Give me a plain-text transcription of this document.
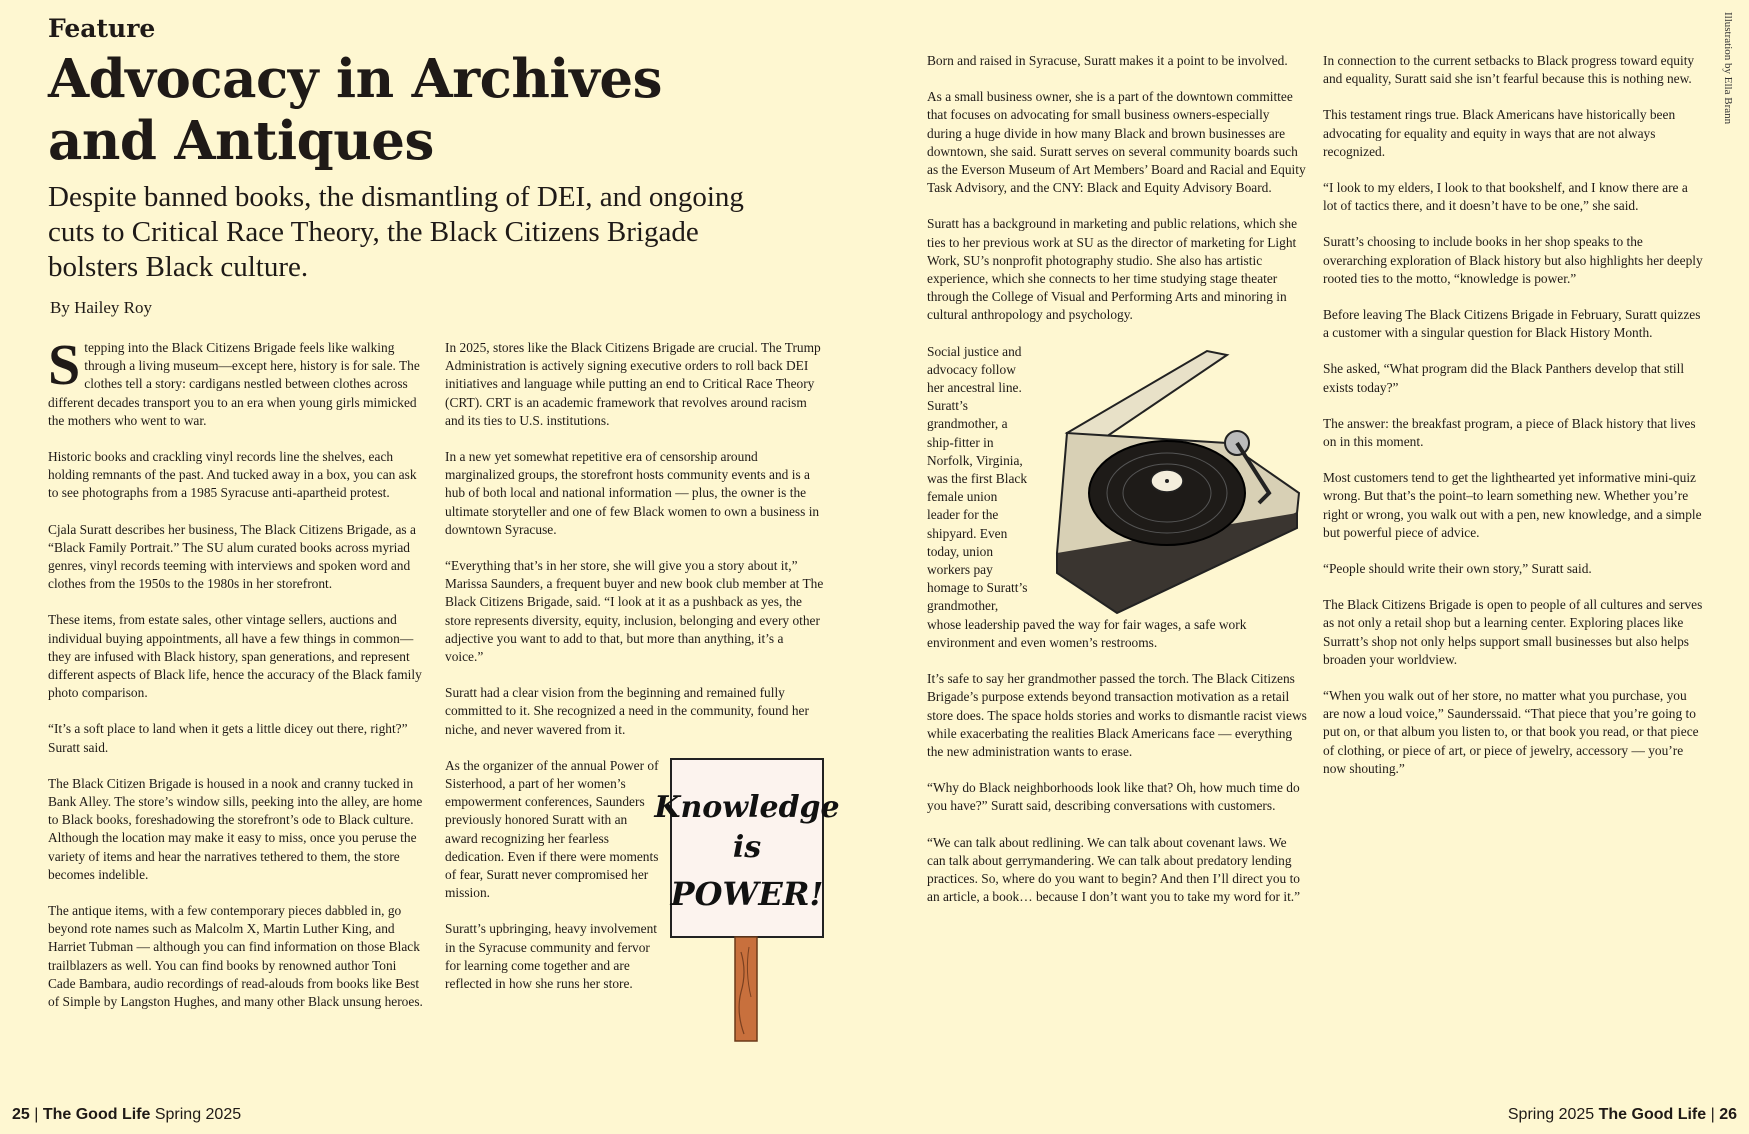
Feature
Advocacy in Archives and Antiques

Despite banned books, the dismantling of DEI, and ongoing cuts to Critical Race Theory, the Black Citizens Brigade bolsters Black culture.

By Hailey Roy

Stepping into the Black Citizens Brigade feels like walking through a living museum—except here, history is for sale. The clothes tell a story: cardigans nestled between clothes across different decades transport you to an era when young girls mimicked the mothers who went to war.

Historic books and crackling vinyl records line the shelves, each holding remnants of the past. And tucked away in a box, you can ask to see photographs from a 1985 Syracuse anti-apartheid protest.

Cjala Suratt describes her business, The Black Citizens Brigade, as a “Black Family Portrait.” The SU alum curated books across myriad genres, vinyl records teeming with interviews and spoken word and clothes from the 1950s to the 1980s in her storefront.

These items, from estate sales, other vintage sellers, auctions and individual buying appointments, all have a few things in common—they are infused with Black history, span generations, and represent different aspects of Black life, hence the accuracy of the Black family photo comparison.

“It’s a soft place to land when it gets a little dicey out there, right?” Suratt said.

The Black Citizen Brigade is housed in a nook and cranny tucked in Bank Alley. The store’s window sills, peeking into the alley, are home to Black books, foreshadowing the storefront’s ode to Black culture. Although the location may make it easy to miss, once you peruse the variety of items and hear the narratives tethered to them, the store becomes indelible.

The antique items, with a few contemporary pieces dabbled in, go beyond rote names such as Malcolm X, Martin Luther King, and Harriet Tubman — although you can find information on those Black trailblazers as well. You can find books by renowned author Toni Cade Bambara, audio recordings of read-alouds from books like Best of Simple by Langston Hughes, and many other Black unsung heroes.

In 2025, stores like the Black Citizens Brigade are crucial. The Trump Administration is actively signing executive orders to roll back DEI initiatives and language while putting an end to Critical Race Theory (CRT). CRT is an academic framework that revolves around racism and its ties to U.S. institutions.

In a new yet somewhat repetitive era of censorship around marginalized groups, the storefront hosts community events and is a hub of both local and national information — plus, the owner is the ultimate storyteller and one of few Black women to own a business in downtown Syracuse.

“Everything that’s in her store, she will give you a story about it,” Marissa Saunders, a frequent buyer and new book club member at The Black Citizens Brigade, said. “I look at it as a pushback as yes, the store represents diversity, equity, inclusion, belonging and every other adjective you want to add to that, but more than anything, it’s a voice.”

Suratt had a clear vision from the beginning and remained fully committed to it. She recognized a need in the community, found her niche, and never wavered from it.

Knowledge
is
POWER!

As the organizer of the annual Power of Sisterhood, a part of her women’s empowerment conferences, Saunders previously honored Suratt with an award recognizing her fearless dedication. Even if there were moments of fear, Suratt never compromised her mission.

Suratt’s upbringing, heavy involvement in the Syracuse community and fervor for learning come together and are reflected in how she runs her store.

Born and raised in Syracuse, Suratt makes it a point to be involved.

As a small business owner, she is a part of the downtown committee that focuses on advocating for small business owners-especially during a huge divide in how many Black and brown businesses are downtown, she said. Suratt serves on several community boards such as the Everson Museum of Art Members’ Board and Racial and Equity Task Advisory, and the CNY: Black and Equity Advisory Board.

Suratt has a background in marketing and public relations, which she ties to her previous work at SU as the director of marketing for Light Work, SU’s nonprofit photography studio. She also has artistic experience, which she connects to her time studying stage theater through the College of Visual and Performing Arts and minoring in cultural anthropology and psychology.

Social justice and advocacy follow her ancestral line. Suratt’s grandmother, a ship-fitter in Norfolk, Virginia, was the first Black female union leader for the shipyard. Even today, union workers pay homage to Suratt’s grandmother, whose leadership paved the way for fair wages, a safe work environment and even women’s restrooms.

It’s safe to say her grandmother passed the torch. The Black Citizens Brigade’s purpose extends beyond transaction motivation as a retail store does. The space holds stories and works to dismantle racist views while exacerbating the realities Black Americans face — everything the new administration wants to erase.

“Why do Black neighborhoods look like that? Oh, how much time do you have?” Suratt said, describing conversations with customers.

“We can talk about redlining. We can talk about covenant laws. We can talk about gerrymandering. We can talk about predatory lending practices. So, where do you want to begin? And then I’ll direct you to an article, a book… because I don’t want you to take my word for it.”

In connection to the current setbacks to Black progress toward equity and equality, Suratt said she isn’t fearful because this is nothing new.

This testament rings true. Black Americans have historically been advocating for equality and equity in ways that are not always recognized.

“I look to my elders, I look to that bookshelf, and I know there are a lot of tactics there, and it doesn’t have to be one,” she said.

Suratt’s choosing to include books in her shop speaks to the overarching exploration of Black history but also highlights her deeply rooted ties to the motto, “knowledge is power.”

Before leaving The Black Citizens Brigade in February, Suratt quizzes a customer with a singular question for Black History Month.

She asked, “What program did the Black Panthers develop that still exists today?”

The answer: the breakfast program, a piece of Black history that lives on in this moment.

Most customers tend to get the lighthearted yet informative mini-quiz wrong. But that’s the point–to learn something new. Whether you’re right or wrong, you walk out with a pen, new knowledge, and a simple but powerful piece of advice.

“People should write their own story,” Suratt said.

The Black Citizens Brigade is open to people of all cultures and serves as not only a retail shop but a learning center. Exploring places like Surratt’s shop not only helps support small businesses but also helps broaden your worldview.

“When you walk out of her store, no matter what you purchase, you are now a loud voice,” Saunderssaid. “That piece that you’re going to put on, or that album you listen to, or that book you read, or that piece of clothing, or piece of art, or piece of jewelry, accessory — you’re now shouting.”

Illustration by Ella Brann
25 | The Good Life Spring 2025	Spring 2025 The Good Life | 26
